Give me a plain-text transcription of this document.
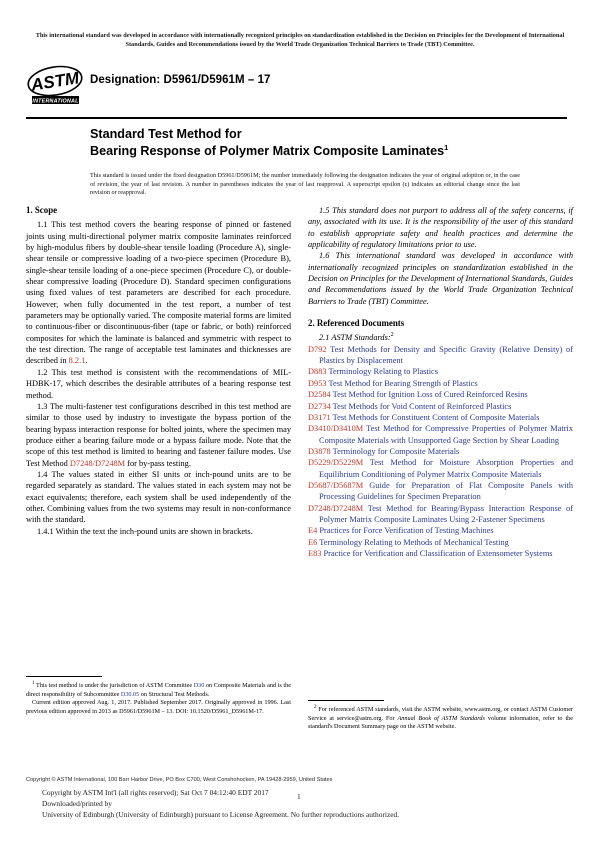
This international standard was developed in accordance with internationally recognized principles on standardization established in the Decision on Principles for the Development of International Standards, Guides and Recommendations issued by the World Trade Organization Technical Barriers to Trade (TBT) Committee.
ASTM
INTERNATIONAL
Designation: D5961/D5961M – 17
Standard Test Method for
Bearing Response of Polymer Matrix Composite Laminates$^1$
This standard is issued under the fixed designation D5961/D5961M; the number immediately following the designation indicates the year of original adoption or, in the case of revision, the year of last revision. A number in parentheses indicates the year of last reapproval. A superscript epsilon (ε) indicates an editorial change since the last revision or reapproval.
1. Scope

1.1 This test method covers the bearing response of pinned or fastened joints using multi-directional polymer matrix composite laminates reinforced by high-modulus fibers by double-shear tensile loading (Procedure A), single-shear tensile or compressive loading of a two-piece specimen (Procedure B), single-shear tensile loading of a one-piece specimen (Procedure C), or double-shear compressive loading (Procedure D). Standard specimen configurations using fixed values of test parameters are described for each procedure. However, when fully documented in the test report, a number of test parameters may be optionally varied. The composite material forms are limited to continuous-fiber or discontinuous-fiber (tape or fabric, or both) reinforced composites for which the laminate is balanced and symmetric with respect to the test direction. The range of acceptable test laminates and thicknesses are described in 8.2.1.

1.2 This test method is consistent with the recommendations of MIL-HDBK-17, which describes the desirable attributes of a bearing response test method.

1.3 The multi-fastener test configurations described in this test method are similar to those used by industry to investigate the bypass portion of the bearing bypass interaction response for bolted joints, where the specimen may produce either a bearing failure mode or a bypass failure mode. Note that the scope of this test method is limited to bearing and fastener failure modes. Use Test Method D7248/D7248M for by-pass testing.

1.4 The values stated in either SI units or inch-pound units are to be regarded separately as standard. The values stated in each system may not be exact equivalents; therefore, each system shall be used independently of the other. Combining values from the two systems may result in non-conformance with the standard.

1.4.1 Within the text the inch-pound units are shown in brackets.

1.5 This standard does not purport to address all of the safety concerns, if any, associated with its use. It is the responsibility of the user of this standard to establish appropriate safety and health practices and determine the applicability of regulatory limitations prior to use.

1.6 This international standard was developed in accordance with internationally recognized principles on standardization established in the Decision on Principles for the Development of International Standards, Guides and Recommendations issued by the World Trade Organization Technical Barriers to Trade (TBT) Committee.

2. Referenced Documents

2.1 ASTM Standards:$^2$

D792 Test Methods for Density and Specific Gravity (Relative Density) of Plastics by Displacement
D883 Terminology Relating to Plastics
D953 Test Method for Bearing Strength of Plastics
D2584 Test Method for Ignition Loss of Cured Reinforced Resins
D2734 Test Methods for Void Content of Reinforced Plastics
D3171 Test Methods for Constituent Content of Composite Materials
D3410/D3410M Test Method for Compressive Properties of Polymer Matrix Composite Materials with Unsupported Gage Section by Shear Loading
D3878 Terminology for Composite Materials
D5229/D5229M Test Method for Moisture Absorption Properties and Equilibrium Conditioning of Polymer Matrix Composite Materials
D5687/D5687M Guide for Preparation of Flat Composite Panels with Processing Guidelines for Specimen Preparation
D7248/D7248M Test Method for Bearing/Bypass Interaction Response of Polymer Matrix Composite Laminates Using 2-Fastener Specimens
E4 Practices for Force Verification of Testing Machines
E6 Terminology Relating to Methods of Mechanical Testing
E83 Practice for Verification and Classification of Extensometer Systems

$^1$ This test method is under the jurisdiction of ASTM Committee D30 on Composite Materials and is the direct responsibility of Subcommittee D30.05 on Structural Test Methods.

Current edition approved Aug. 1, 2017. Published September 2017. Originally approved in 1996. Last previous edition approved in 2013 as D5961/D5961M – 13. DOI: 10.1520/D5961_D5961M-17.

$^2$ For referenced ASTM standards, visit the ASTM website, www.astm.org, or contact ASTM Customer Service at service@astm.org. For Annual Book of ASTM Standards volume information, refer to the standard's Document Summary page on the ASTM website.

Copyright © ASTM International, 100 Barr Harbor Drive, PO Box C700, West Conshohocken, PA 19428-2959, United States
Copyright by ASTM Int'l (all rights reserved); Sat Oct 7 04:12:40 EDT 2017
Downloaded/printed by
University of Edinburgh (University of Edinburgh) pursuant to License Agreement. No further reproductions authorized.
1
